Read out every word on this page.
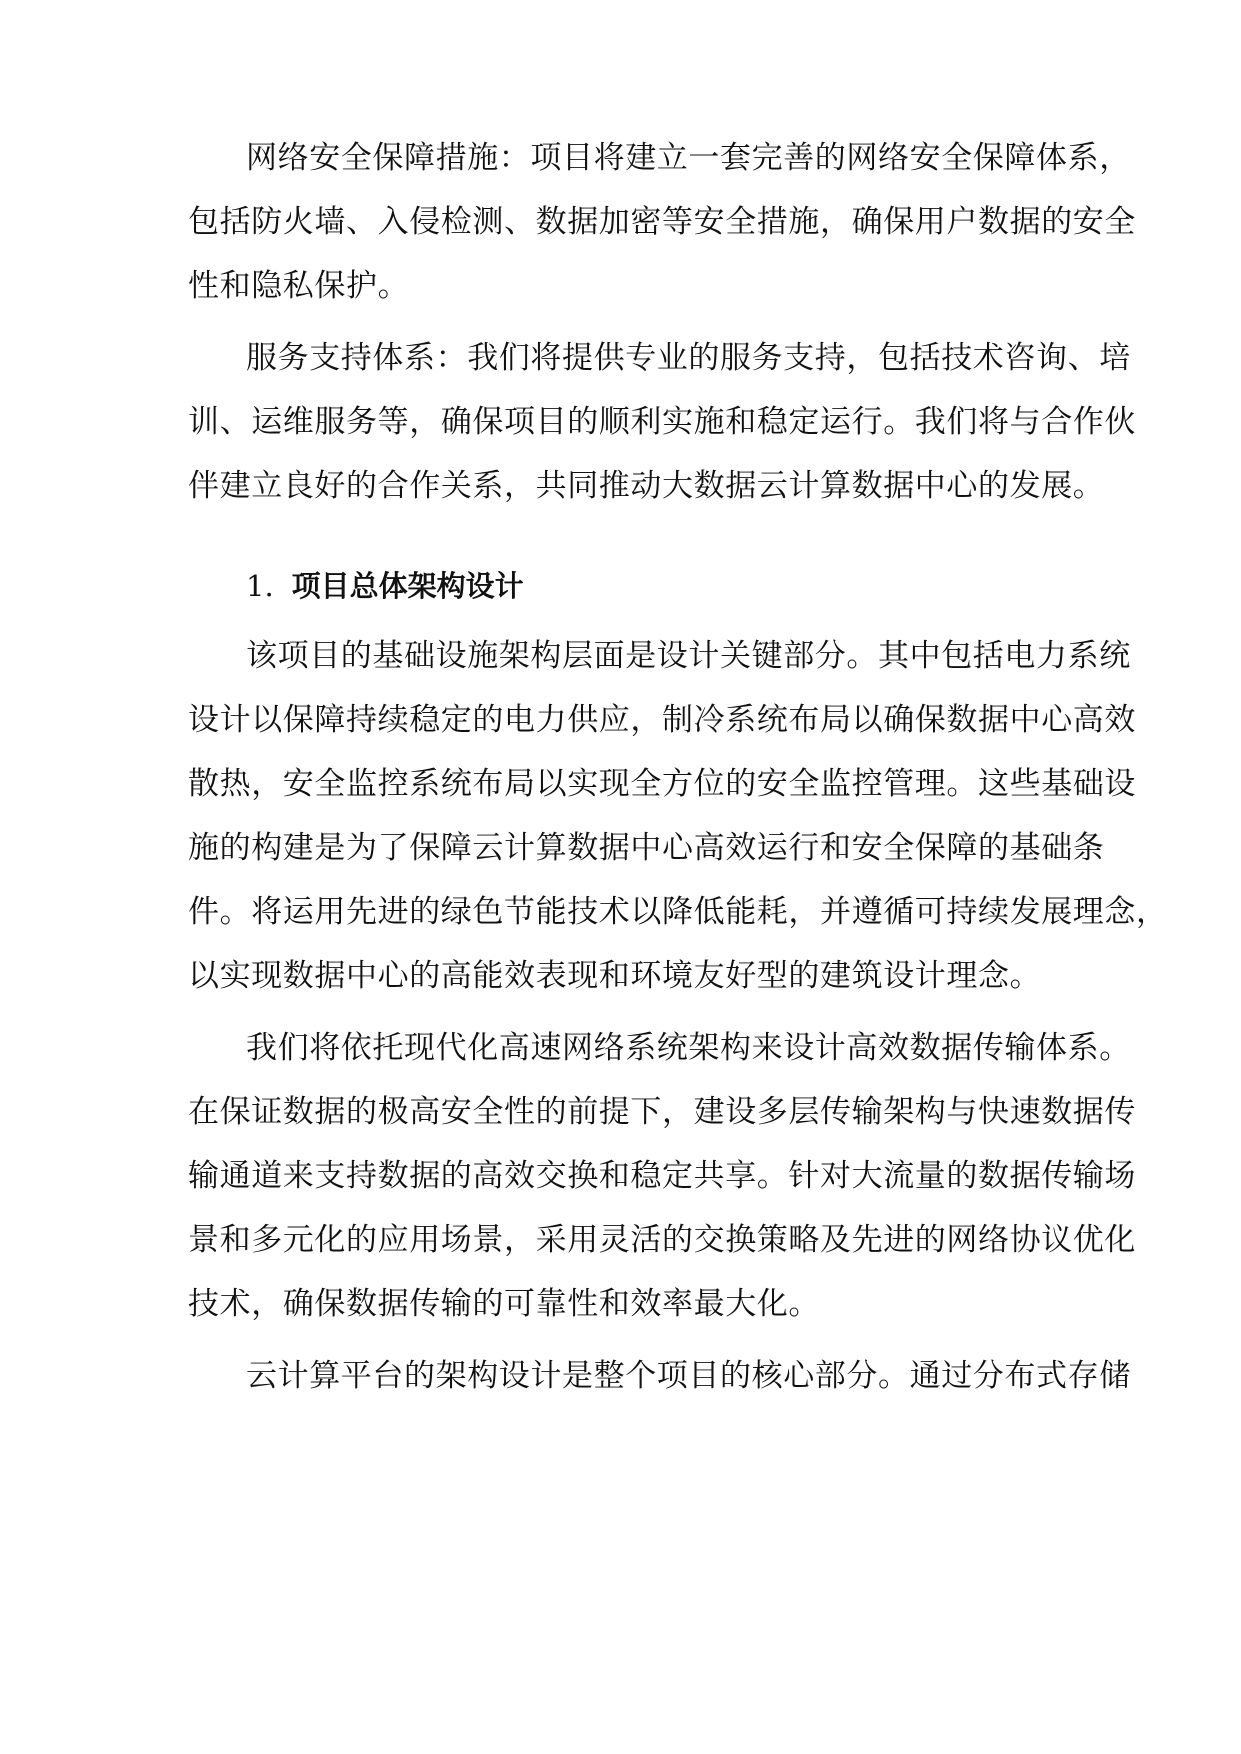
网络安全保障措施：项目将建立一套完善的网络安全保障体系，
包括防火墙、入侵检测、数据加密等安全措施，确保用户数据的安全
性和隐私保护。
服务支持体系：我们将提供专业的服务支持，包括技术咨询、培
训、运维服务等，确保项目的顺利实施和稳定运行。我们将与合作伙
伴建立良好的合作关系，共同推动大数据云计算数据中心的发展。
1. 项目总体架构设计
该项目的基础设施架构层面是设计关键部分。其中包括电力系统
设计以保障持续稳定的电力供应，制冷系统布局以确保数据中心高效
散热，安全监控系统布局以实现全方位的安全监控管理。这些基础设
施的构建是为了保障云计算数据中心高效运行和安全保障的基础条
件。将运用先进的绿色节能技术以降低能耗，并遵循可持续发展理念，
以实现数据中心的高能效表现和环境友好型的建筑设计理念。
我们将依托现代化高速网络系统架构来设计高效数据传输体系。
在保证数据的极高安全性的前提下，建设多层传输架构与快速数据传
输通道来支持数据的高效交换和稳定共享。针对大流量的数据传输场
景和多元化的应用场景，采用灵活的交换策略及先进的网络协议优化
技术，确保数据传输的可靠性和效率最大化。
云计算平台的架构设计是整个项目的核心部分。通过分布式存储
